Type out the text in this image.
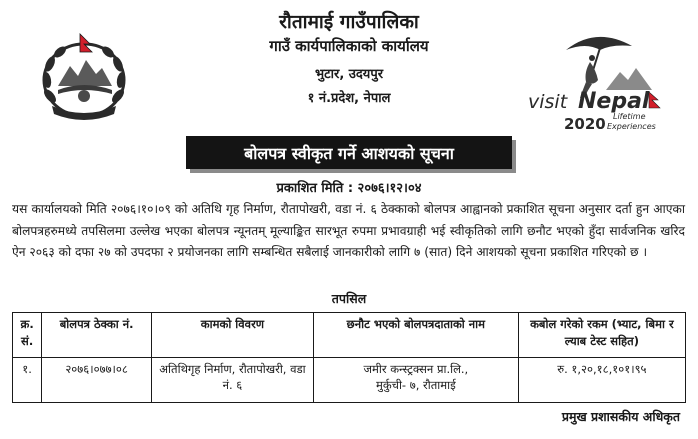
रौतामाई गाउँपालिका
गाउँ कार्यपालिकाको कार्यालय
भुटार, उदयपुर
१ नं.प्रदेश, नेपाल	visit Nepal
2020 Lifetime
Experiences
बोलपत्र स्वीकृत गर्ने आशयको सूचना
प्रकाशित मिति : २०७६।१२।०४

यस कार्यालयको मिति २०७६।१०।०९ को अतिथि गृह निर्माण, रौतापोखरी, वडा नं. ६ ठेक्काको बोलपत्र आह्वानको प्रकाशित सूचना अनुसार दर्ता हुन आएका बोलपत्रहरुमध्ये तपसिलमा उल्लेख भएका बोलपत्र न्यूनतम् मूल्याङ्कित सारभूत रुपमा प्रभावग्राही भई स्वीकृतिको लागि छनौट भएको हुँदा सार्वजनिक खरिद ऐन २०६३ को दफा २७ को उपदफा २ प्रयोजनका लागि सम्बन्धित सबैलाई जानकारीको लागि ७ (सात) दिने आशयको सूचना प्रकाशित गरिएको छ ।

तपसिल
क्र. सं.	बोलपत्र ठेक्का नं.	कामको विवरण	छनौट भएको बोलपत्रदाताको नाम	कबोल गरेको रकम (भ्याट, बिमा र ल्याब टेस्ट सहित)
१.	२०७६।०७७।०८	अतिथिगृह निर्माण, रौतापोखरी, वडा नं. ६	जमीर कन्स्ट्रक्सन प्रा.लि.,
मुर्कुची- ७, रौतामाई	रु. १,२०,१८,१०१।९५
प्रमुख प्रशासकीय अधिकृत
